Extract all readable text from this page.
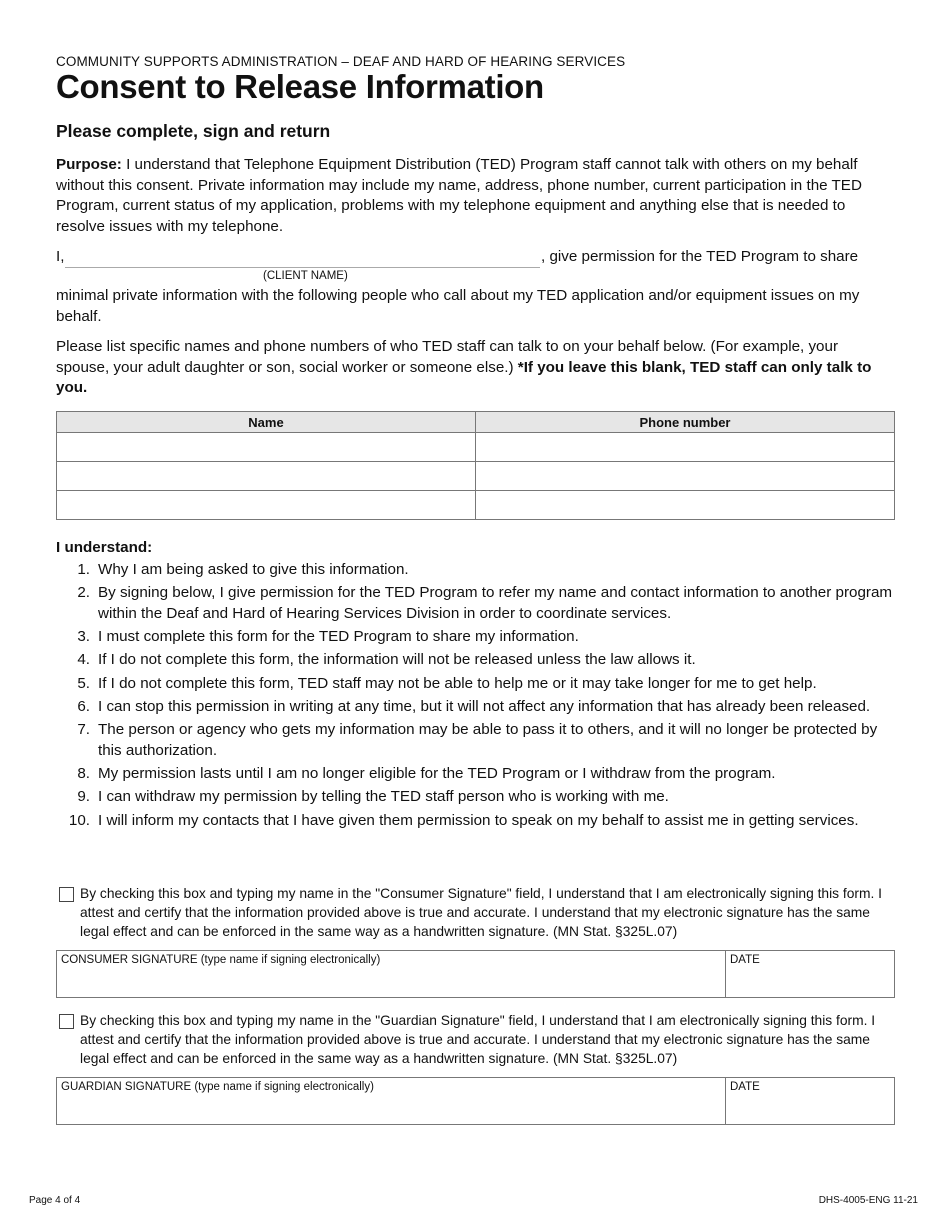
COMMUNITY SUPPORTS ADMINISTRATION – DEAF AND HARD OF HEARING SERVICES
Consent to Release Information
Please complete, sign and return

Purpose: I understand that Telephone Equipment Distribution (TED) Program staff cannot talk with others on my behalf without this consent. Private information may include my name, address, phone number, current participation in the TED Program, current status of my application, problems with my telephone equipment and anything else that is needed to resolve issues with my telephone.

I,	, give permission for the TED Program to share
(CLIENT NAME)

minimal private information with the following people who call about my TED application and/or equipment issues on my behalf.

Please list specific names and phone numbers of who TED staff can talk to on your behalf below. (For example, your spouse, your adult daughter or son, social worker or someone else.) *If you leave this blank, TED staff can only talk to you.

Name	Phone number

I understand:
1. Why I am being asked to give this information.
2. By signing below, I give permission for the TED Program to refer my name and contact information to another program within the Deaf and Hard of Hearing Services Division in order to coordinate services.
3. I must complete this form for the TED Program to share my information.
4. If I do not complete this form, the information will not be released unless the law allows it.
5. If I do not complete this form, TED staff may not be able to help me or it may take longer for me to get help.
6. I can stop this permission in writing at any time, but it will not affect any information that has already been released.
7. The person or agency who gets my information may be able to pass it to others, and it will no longer be protected by this authorization.
8. My permission lasts until I am no longer eligible for the TED Program or I withdraw from the program.
9. I can withdraw my permission by telling the TED staff person who is working with me.
10. I will inform my contacts that I have given them permission to speak on my behalf to assist me in getting services.
By checking this box and typing my name in the "Consumer Signature" field, I understand that I am electronically signing this form. I attest and certify that the information provided above is true and accurate. I understand that my electronic signature has the same legal effect and can be enforced in the same way as a handwritten signature. (MN Stat. §325L.07)
CONSUMER SIGNATURE (type name if signing electronically)	DATE
By checking this box and typing my name in the "Guardian Signature" field, I understand that I am electronically signing this form. I attest and certify that the information provided above is true and accurate. I understand that my electronic signature has the same legal effect and can be enforced in the same way as a handwritten signature. (MN Stat. §325L.07)
GUARDIAN SIGNATURE (type name if signing electronically)	DATE
Page 4 of 4	DHS-4005-ENG 11-21
